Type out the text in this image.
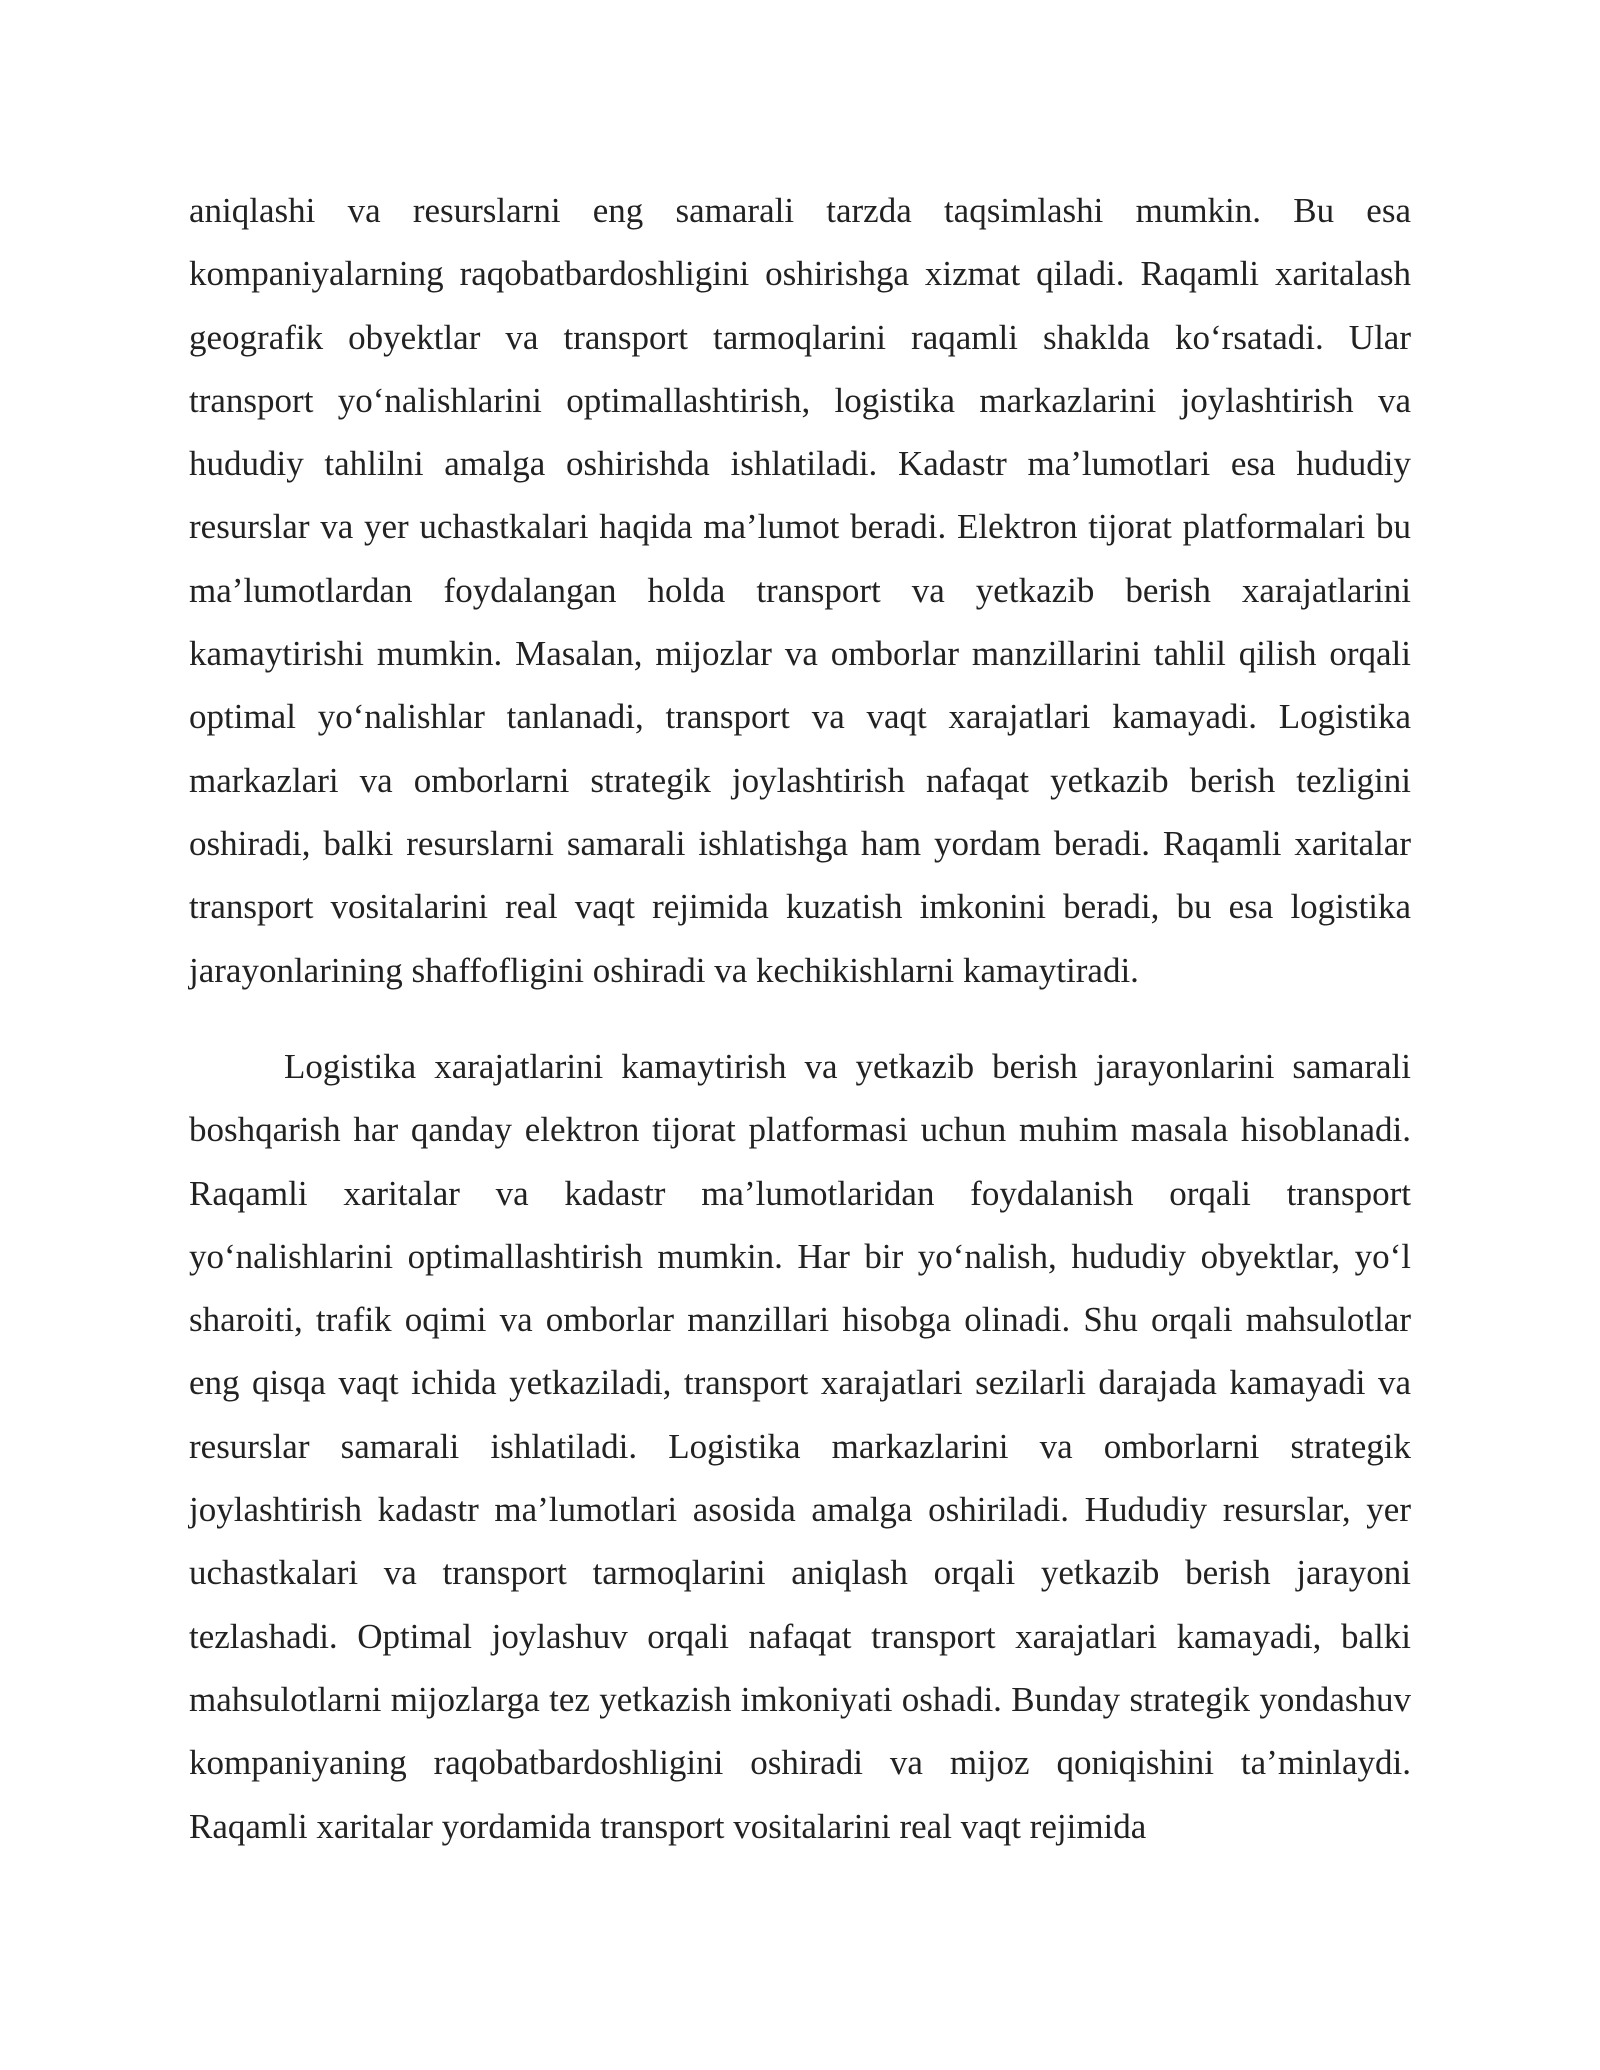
aniqlashi va resurslarni eng samarali tarzda taqsimlashi mumkin. Bu esa kompaniyalarning raqobatbardoshligini oshirishga xizmat qiladi. Raqamli xaritalash geografik obyektlar va transport tarmoqlarini raqamli shaklda ko‘rsatadi. Ular transport yo‘nalishlarini optimallashtirish, logistika markazlarini joylashtirish va hududiy tahlilni amalga oshirishda ishlatiladi. Kadastr ma’lumotlari esa hududiy resurslar va yer uchastkalari haqida ma’lumot beradi. Elektron tijorat platformalari bu ma’lumotlardan foydalangan holda transport va yetkazib berish xarajatlarini kamaytirishi mumkin. Masalan, mijozlar va omborlar manzillarini tahlil qilish orqali optimal yo‘nalishlar tanlanadi, transport va vaqt xarajatlari kamayadi. Logistika markazlari va omborlarni strategik joylashtirish nafaqat yetkazib berish tezligini oshiradi, balki resurslarni samarali ishlatishga ham yordam beradi. Raqamli xaritalar transport vositalarini real vaqt rejimida kuzatish imkonini beradi, bu esa logistika jarayonlarining shaffofligini oshiradi va kechikishlarni kamaytiradi.

Logistika xarajatlarini kamaytirish va yetkazib berish jarayonlarini samarali boshqarish har qanday elektron tijorat platformasi uchun muhim masala hisoblanadi. Raqamli xaritalar va kadastr ma’lumotlaridan foydalanish orqali transport yo‘nalishlarini optimallashtirish mumkin. Har bir yo‘nalish, hududiy obyektlar, yo‘l sharoiti, trafik oqimi va omborlar manzillari hisobga olinadi. Shu orqali mahsulotlar eng qisqa vaqt ichida yetkaziladi, transport xarajatlari sezilarli darajada kamayadi va resurslar samarali ishlatiladi. Logistika markazlarini va omborlarni strategik joylashtirish kadastr ma’lumotlari asosida amalga oshiriladi. Hududiy resurslar, yer uchastkalari va transport tarmoqlarini aniqlash orqali yetkazib berish jarayoni tezlashadi. Optimal joylashuv orqali nafaqat transport xarajatlari kamayadi, balki mahsulotlarni mijozlarga tez yetkazish imkoniyati oshadi. Bunday strategik yondashuv kompaniyaning raqobatbardoshligini oshiradi va mijoz qoniqishini ta’minlaydi. Raqamli xaritalar yordamida transport vositalarini real vaqt rejimida
